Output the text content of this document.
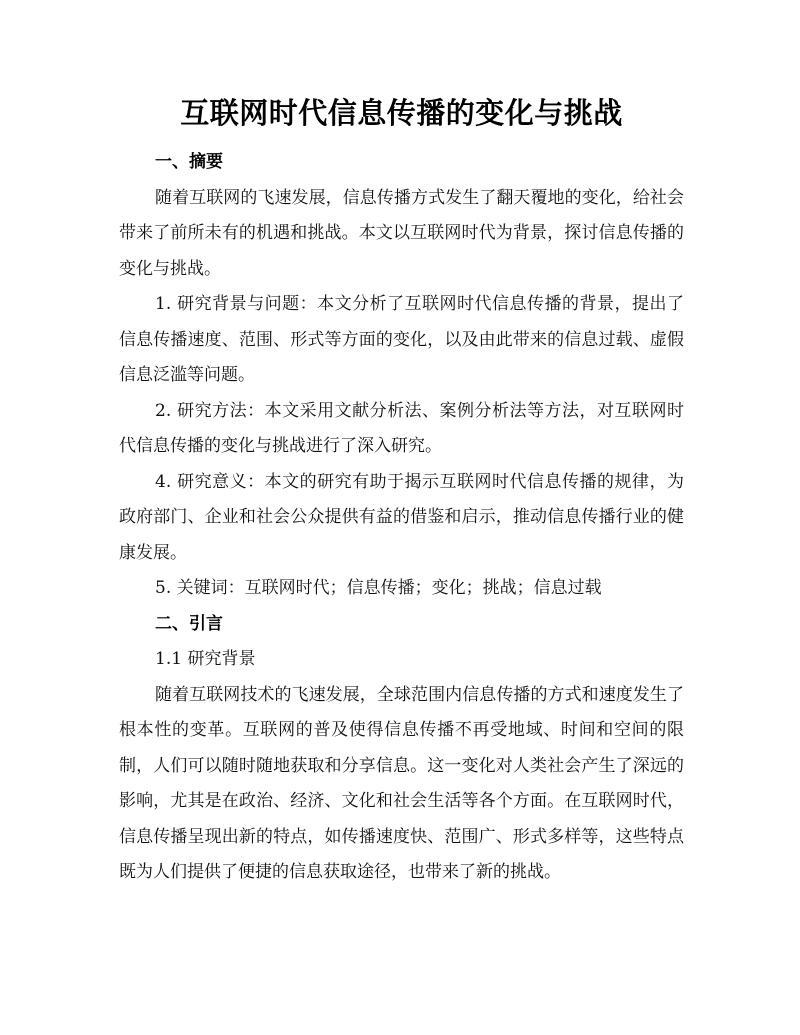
互联网时代信息传播的变化与挑战

一、摘要

随着互联网的飞速发展，信息传播方式发生了翻天覆地的变化，给社会带来了前所未有的机遇和挑战。本文以互联网时代为背景，探讨信息传播的变化与挑战。

1. 研究背景与问题：本文分析了互联网时代信息传播的背景，提出了信息传播速度、范围、形式等方面的变化，以及由此带来的信息过载、虚假信息泛滥等问题。

2. 研究方法：本文采用文献分析法、案例分析法等方法，对互联网时代信息传播的变化与挑战进行了深入研究。

4. 研究意义：本文的研究有助于揭示互联网时代信息传播的规律，为政府部门、企业和社会公众提供有益的借鉴和启示，推动信息传播行业的健康发展。

5. 关键词：互联网时代；信息传播；变化；挑战；信息过载

二、引言

1.1 研究背景

随着互联网技术的飞速发展，全球范围内信息传播的方式和速度发生了根本性的变革。互联网的普及使得信息传播不再受地域、时间和空间的限制，人们可以随时随地获取和分享信息。这一变化对人类社会产生了深远的影响，尤其是在政治、经济、文化和社会生活等各个方面。在互联网时代，信息传播呈现出新的特点，如传播速度快、范围广、形式多样等，这些特点既为人们提供了便捷的信息获取途径，也带来了新的挑战。
